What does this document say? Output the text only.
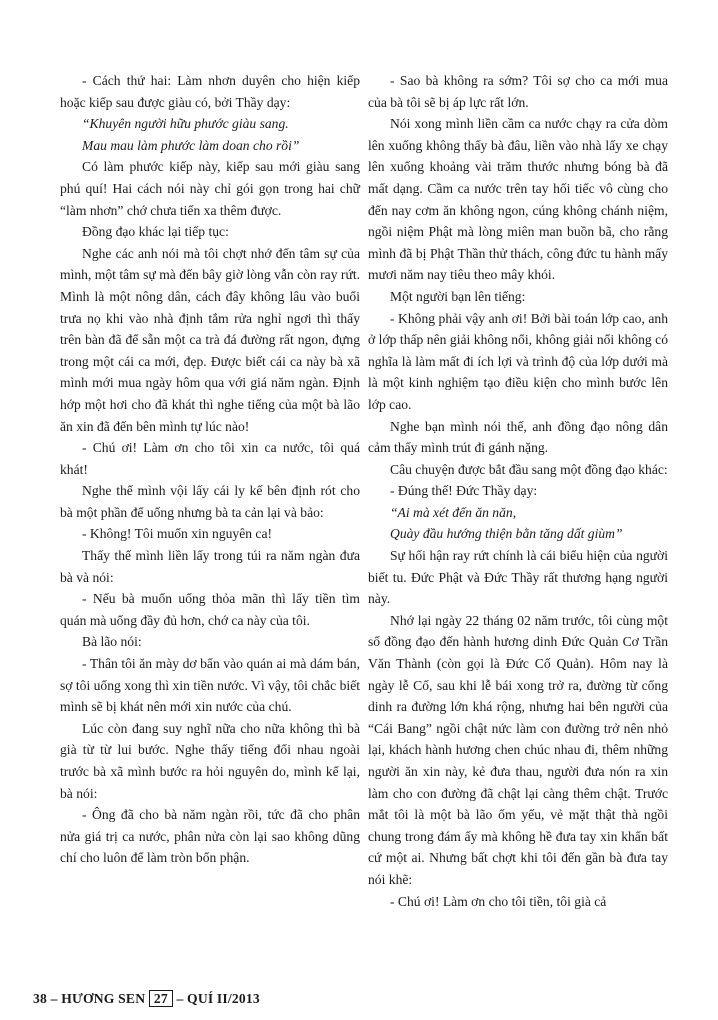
- Cách thứ hai: Làm nhơn duyên cho hiện kiếp hoặc kiếp sau được giàu có, bởi Thầy dạy:

“Khuyên người hữu phước giàu sang.

Mau mau làm phước làm doan cho rồi”

Có làm phước kiếp này, kiếp sau mới giàu sang phú quí! Hai cách nói này chỉ gói gọn trong hai chữ “làm nhơn” chớ chưa tiến xa thêm được.

Đồng đạo khác lại tiếp tục:

Nghe các anh nói mà tôi chợt nhớ đến tâm sự của mình, một tâm sự mà đến bây giờ lòng vẫn còn ray rứt. Mình là một nông dân, cách đây không lâu vào buổi trưa nọ khi vào nhà định tắm rửa nghỉ ngơi thì thấy trên bàn đã để sẵn một ca trà đá đường rất ngon, đựng trong một cái ca mới, đẹp. Được biết cái ca này bà xã mình mới mua ngày hôm qua với giá năm ngàn. Định hớp một hơi cho đã khát thì nghe tiếng của một bà lão ăn xin đã đến bên mình tự lúc nào!

- Chú ơi! Làm ơn cho tôi xin ca nước, tôi quá khát!

Nghe thế mình vội lấy cái ly kế bên định rót cho bà một phần để uống nhưng bà ta cản lại và bảo:

- Không! Tôi muốn xin nguyên ca!

Thấy thế mình liền lấy trong túi ra năm ngàn đưa bà và nói:

- Nếu bà muốn uống thỏa mãn thì lấy tiền tìm quán mà uống đầy đủ hơn, chớ ca này của tôi.

Bà lão nói:

- Thân tôi ăn mày dơ bẩn vào quán ai mà dám bán, sợ tôi uống xong thì xin tiền nước. Vì vậy, tôi chắc biết mình sẽ bị khát nên mới xin nước của chú.

Lúc còn đang suy nghĩ nữa cho nữa không thì bà già từ từ lui bước. Nghe thấy tiếng đối nhau ngoài trước bà xã mình bước ra hỏi nguyên do, mình kể lại, bà nói:

- Ông đã cho bà năm ngàn rồi, tức đã cho phân nửa giá trị ca nước, phân nửa còn lại sao không dũng chí cho luôn để làm tròn bổn phận.

- Sao bà không ra sớm? Tôi sợ cho ca mới mua của bà tôi sẽ bị áp lực rất lớn.

Nói xong mình liền cầm ca nước chạy ra cửa dòm lên xuống không thấy bà đâu, liền vào nhà lấy xe chạy lên xuống khoảng vài trăm thước nhưng bóng bà đã mất dạng. Cầm ca nước trên tay hối tiếc vô cùng cho đến nay cơm ăn không ngon, cúng không chánh niệm, ngồi niệm Phật mà lòng miên man buồn bã, cho rằng mình đã bị Phật Thần thử thách, công đức tu hành mấy mươi năm nay tiêu theo mây khói.

Một người bạn lên tiếng:

- Không phải vậy anh ơi! Bởi bài toán lớp cao, anh ở lớp thấp nên giải không nổi, không giải nổi không có nghĩa là làm mất đi ích lợi và trình độ của lớp dưới mà là một kinh nghiệm tạo điều kiện cho mình bước lên lớp cao.

Nghe bạn mình nói thế, anh đồng đạo nông dân cảm thấy mình trút đi gánh nặng.

Câu chuyện được bắt đầu sang một đồng đạo khác:

- Đúng thế! Đức Thầy dạy:

“Ai mà xét đến ăn năn,

Quày đầu hướng thiện bằn tăng dất giùm”

Sự hối hận ray rứt chính là cái biểu hiện của người biết tu. Đức Phật và Đức Thầy rất thương hạng người này.

Nhớ lại ngày 22 tháng 02 năm trước, tôi cùng một số đồng đạo đến hành hương dinh Đức Quản Cơ Trần Văn Thành (còn gọi là Đức Cố Quản). Hôm nay là ngày lễ Cố, sau khi lễ bái xong trở ra, đường từ cổng dinh ra đường lớn khá rộng, nhưng hai bên người của “Cái Bang” ngồi chật nức làm con đường trở nên nhỏ lại, khách hành hương chen chúc nhau đi, thêm những người ăn xin này, kẻ đưa thau, người đưa nón ra xin làm cho con đường đã chật lại càng thêm chật. Trước mắt tôi là một bà lão ốm yếu, vẻ mặt thật thà ngồi chung trong đám ấy mà không hề đưa tay xin khẩn bất cứ một ai. Nhưng bất chợt khi tôi đến gần bà đưa tay nói khẽ:

- Chú ơi! Làm ơn cho tôi tiền, tôi già cả

38 – HƯƠNG SEN 27 – QUÍ II/2013
